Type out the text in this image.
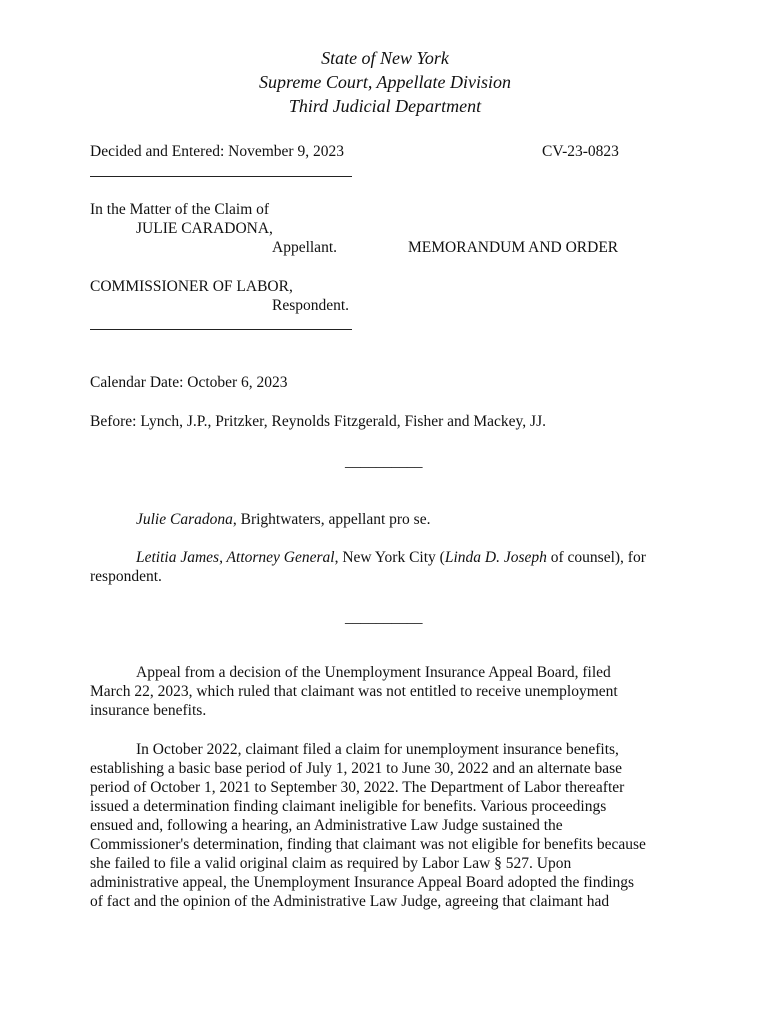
State of New York
Supreme Court, Appellate Division
Third Judicial Department
Decided and Entered: November 9, 2023	CV-23-0823
In the Matter of the Claim of
JULIE CARADONA,
Appellant.	MEMORANDUM AND ORDER
COMMISSIONER OF LABOR,
Respondent.
Calendar Date: October 6, 2023
Before: Lynch, J.P., Pritzker, Reynolds Fitzgerald, Fisher and Mackey, JJ.
__________
Julie Caradona, Brightwaters, appellant pro se.
Letitia James, Attorney General, New York City (Linda D. Joseph of counsel), for
respondent.
__________
Appeal from a decision of the Unemployment Insurance Appeal Board, filed
March 22, 2023, which ruled that claimant was not entitled to receive unemployment
insurance benefits.
In October 2022, claimant filed a claim for unemployment insurance benefits,
establishing a basic base period of July 1, 2021 to June 30, 2022 and an alternate base
period of October 1, 2021 to September 30, 2022. The Department of Labor thereafter
issued a determination finding claimant ineligible for benefits. Various proceedings
ensued and, following a hearing, an Administrative Law Judge sustained the
Commissioner's determination, finding that claimant was not eligible for benefits because
she failed to file a valid original claim as required by Labor Law § 527. Upon
administrative appeal, the Unemployment Insurance Appeal Board adopted the findings
of fact and the opinion of the Administrative Law Judge, agreeing that claimant had
